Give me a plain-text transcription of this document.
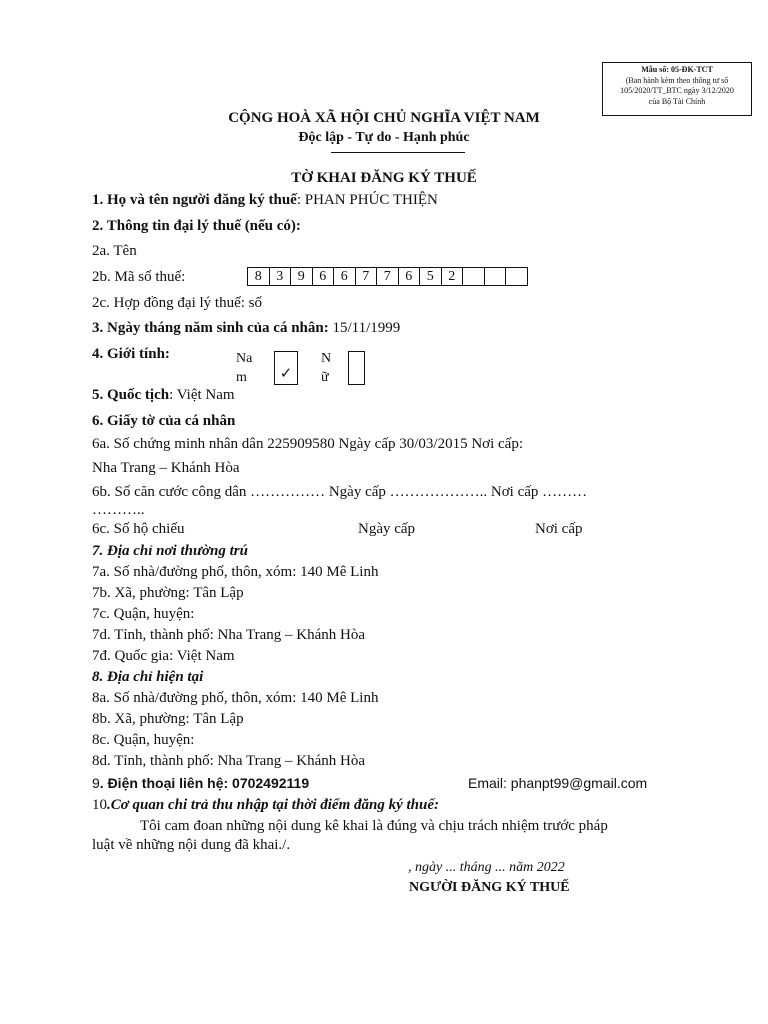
Mẫu số: 05-ĐK-TCT
(Ban hành kèm theo thông tư số
105/2020/TT_BTC ngày 3/12/2020
của Bộ Tài Chính
CỘNG HOÀ XÃ HỘI CHỦ NGHĨA VIỆT NAM
Độc lập - Tự do - Hạnh phúc
TỜ KHAI ĐĂNG KÝ THUẾ
1. Họ và tên người đăng ký thuế: PHAN PHÚC THIỆN
2. Thông tin đại lý thuế (nếu có):
2a. Tên
2b. Mã số thuế:	8	3	9	6	6	7	7	6	5	2
2c. Hợp đồng đại lý thuế: số
3. Ngày tháng năm sinh của cá nhân: 15/11/1999
4. Giới tính:	Na
m	✓
N
ữ
5. Quốc tịch: Việt Nam
6. Giấy tờ của cá nhân
6a. Số chứng minh nhân dân 225909580 Ngày cấp 30/03/2015 Nơi cấp:
Nha Trang – Khánh Hòa
6b. Số căn cước công dân …………… Ngày cấp ……………….. Nơi cấp ………
………..
6c. Số hộ chiếu	Ngày cấp	Nơi cấp
7. Địa chỉ nơi thường trú
7a. Số nhà/đường phố, thôn, xóm: 140 Mê Linh
7b. Xã, phường: Tân Lập
7c. Quận, huyện:
7d. Tỉnh, thành phố: Nha Trang – Khánh Hòa
7đ. Quốc gia: Việt Nam
8. Địa chỉ hiện tại
8a. Số nhà/đường phố, thôn, xóm: 140 Mê Linh
8b. Xã, phường: Tân Lập
8c. Quận, huyện:
8d. Tỉnh, thành phố: Nha Trang – Khánh Hòa
9. Điện thoại liên hệ: 0702492119	Email: phanpt99@gmail.com
10.Cơ quan chi trả thu nhập tại thời điểm đăng ký thuế:
Tôi cam đoan những nội dung kê khai là đúng và chịu trách nhiệm trước pháp
luật về những nội dung đã khai./.
, ngày ... tháng ... năm 2022
NGƯỜI ĐĂNG KÝ THUẾ
